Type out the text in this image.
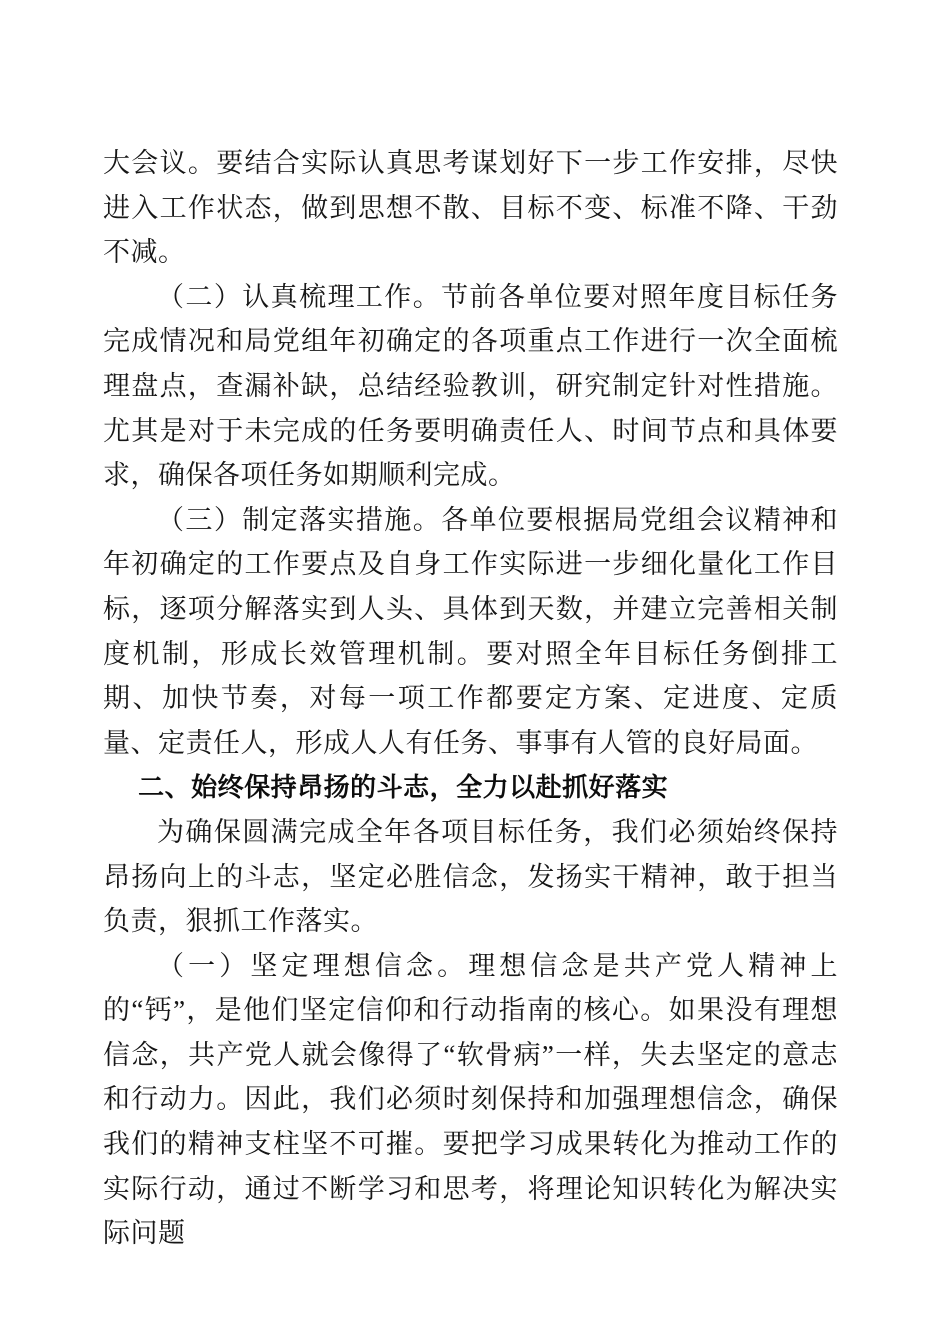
大会议。要结合实际认真思考谋划好下一步工作安排，尽快进入工作状态，做到思想不散、目标不变、标准不降、干劲不减。

（二）认真梳理工作。节前各单位要对照年度目标任务完成情况和局党组年初确定的各项重点工作进行一次全面梳理盘点，查漏补缺，总结经验教训，研究制定针对性措施。尤其是对于未完成的任务要明确责任人、时间节点和具体要求，确保各项任务如期顺利完成。

（三）制定落实措施。各单位要根据局党组会议精神和年初确定的工作要点及自身工作实际进一步细化量化工作目标，逐项分解落实到人头、具体到天数，并建立完善相关制度机制，形成长效管理机制。要对照全年目标任务倒排工期、加快节奏，对每一项工作都要定方案、定进度、定质量、定责任人，形成人人有任务、事事有人管的良好局面。

二、始终保持昂扬的斗志，全力以赴抓好落实

为确保圆满完成全年各项目标任务，我们必须始终保持昂扬向上的斗志，坚定必胜信念，发扬实干精神，敢于担当负责，狠抓工作落实。

（一）坚定理想信念。理想信念是共产党人精神上的“钙”，是他们坚定信仰和行动指南的核心。如果没有理想信念，共产党人就会像得了“软骨病”一样，失去坚定的意志和行动力。因此，我们必须时刻保持和加强理想信念，确保我们的精神支柱坚不可摧。要把学习成果转化为推动工作的实际行动，通过不断学习和思考，将理论知识转化为解决实际问题
